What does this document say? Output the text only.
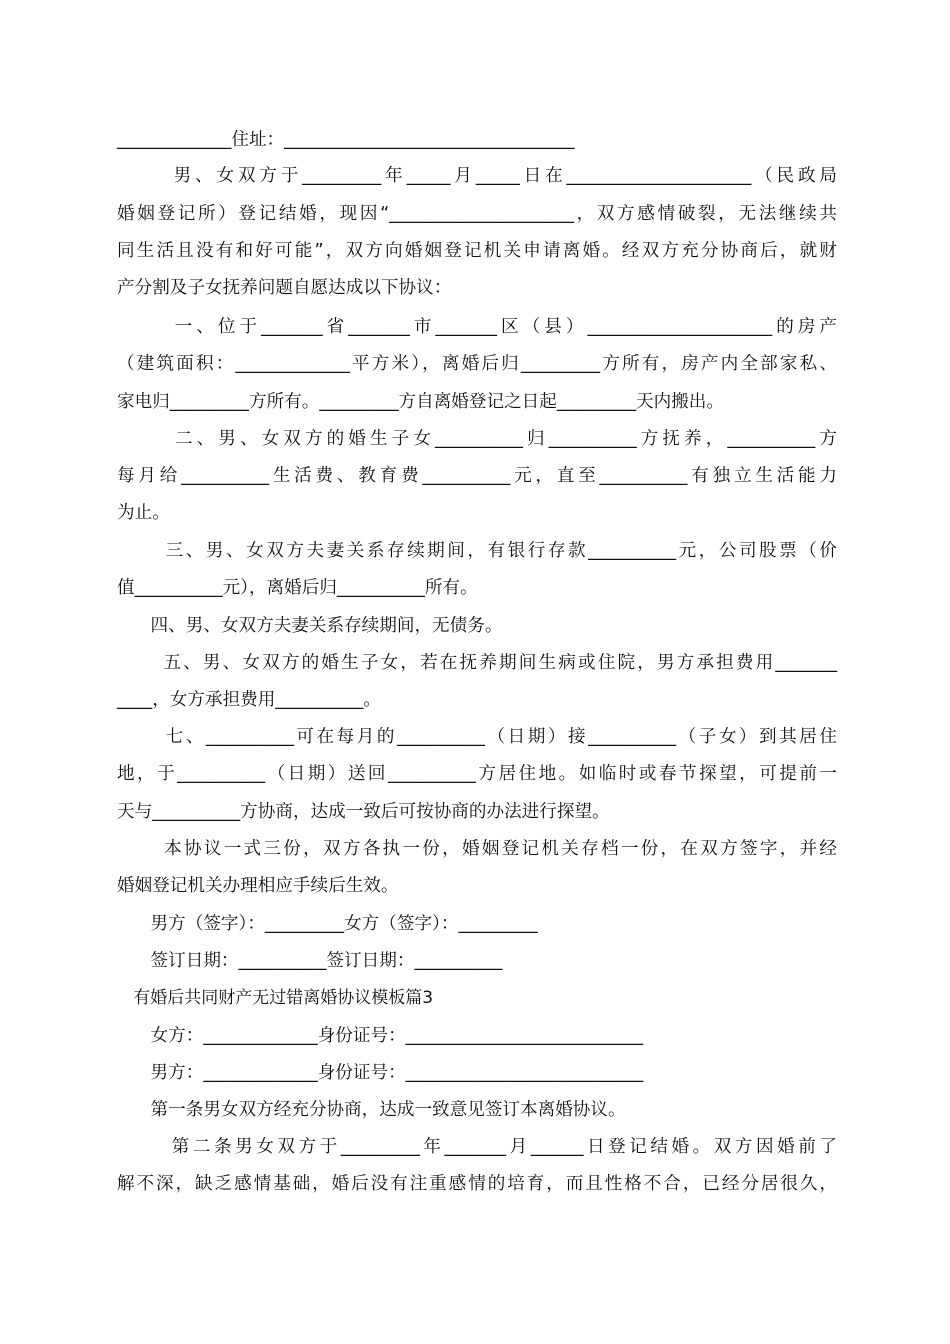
_____________住址：_________________________________
男、女双方于_________年_____月_____日在_____________________（民政局
婚姻登记所）登记结婚，现因“_____________________，双方感情破裂，无法继续共
同生活且没有和好可能”，双方向婚姻登记机关申请离婚。经双方充分协商后，就财
产分割及子女抚养问题自愿达成以下协议：
一、位于_______省_______市_______区（县）_____________________的房产
（建筑面积：_____________平方米），离婚后归_________方所有，房产内全部家私、
家电归_________方所有。_________方自离婚登记之日起_________天内搬出。
二、男、女双方的婚生子女__________归__________方抚养，__________方
每月给__________生活费、教育费__________元，直至__________有独立生活能力
为止。
三、男、女双方夫妻关系存续期间，有银行存款__________元，公司股票（价
值__________元），离婚后归__________所有。
四、男、女双方夫妻关系存续期间，无债务。
五、男、女双方的婚生子女，若在抚养期间生病或住院，男方承担费用_______
____，女方承担费用__________。
七、__________可在每月的__________（日期）接__________（子女）到其居住
地，于__________（日期）送回__________方居住地。如临时或春节探望，可提前一
天与__________方协商，达成一致后可按协商的办法进行探望。
本协议一式三份，双方各执一份，婚姻登记机关存档一份，在双方签字，并经
婚姻登记机关办理相应手续后生效。
男方（签字）：_________女方（签字）：_________
签订日期：__________签订日期：__________
有婚后共同财产无过错离婚协议模板篇3
女方：_____________身份证号：___________________________
男方：_____________身份证号：___________________________
第一条男女双方经充分协商，达成一致意见签订本离婚协议。
第二条男女双方于_________年_______月______日登记结婚。双方因婚前了
解不深，缺乏感情基础，婚后没有注重感情的培育，而且性格不合，已经分居很久，
